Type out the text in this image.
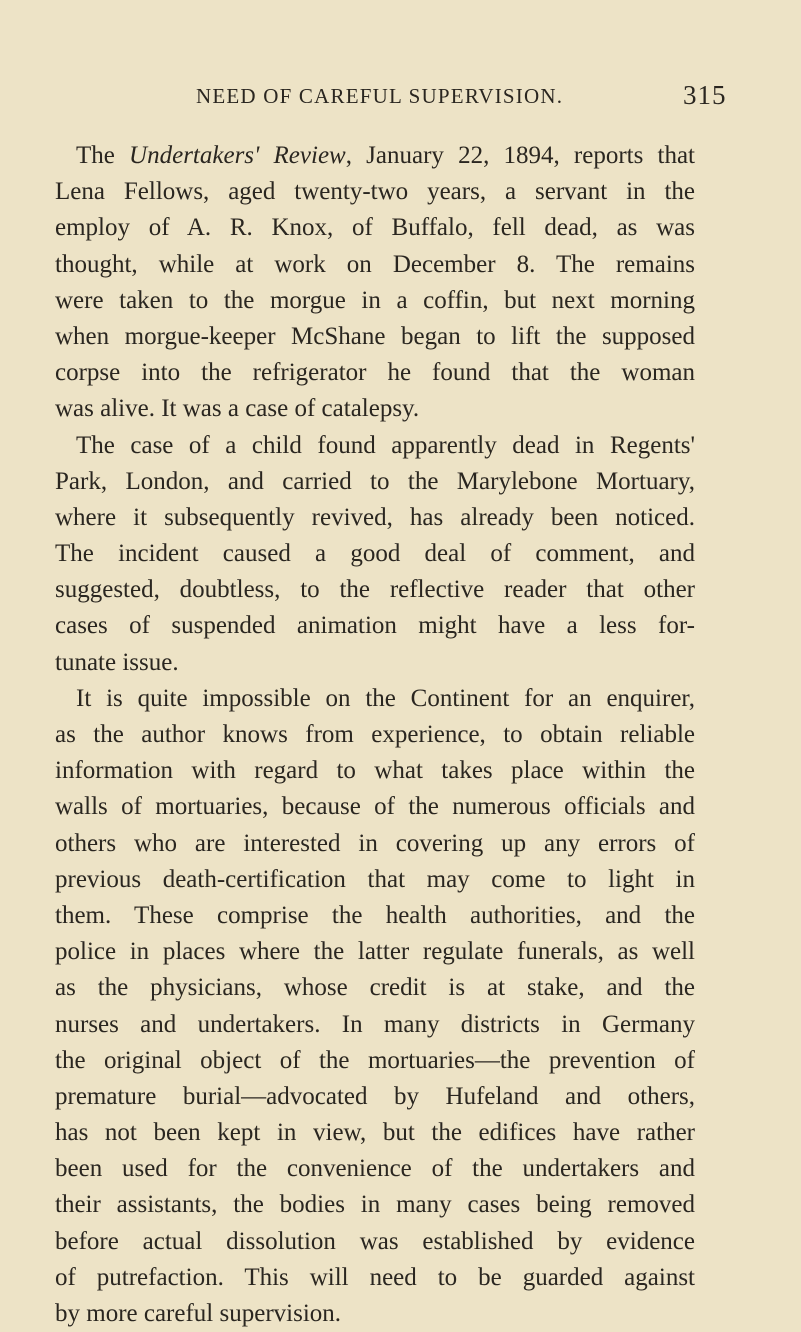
NEED OF CAREFUL SUPERVISION.	315
The Undertakers' Review, January 22, 1894, reports that
Lena Fellows, aged twenty-two years, a servant in the
employ of A. R. Knox, of Buffalo, fell dead, as was
thought, while at work on December 8. The remains
were taken to the morgue in a coffin, but next morning
when morgue-keeper McShane began to lift the supposed
corpse into the refrigerator he found that the woman
was alive. It was a case of catalepsy.
The case of a child found apparently dead in Regents'
Park, London, and carried to the Marylebone Mortuary,
where it subsequently revived, has already been noticed.
The incident caused a good deal of comment, and
suggested, doubtless, to the reflective reader that other
cases of suspended animation might have a less for-
tunate issue.
It is quite impossible on the Continent for an enquirer,
as the author knows from experience, to obtain reliable
information with regard to what takes place within the
walls of mortuaries, because of the numerous officials and
others who are interested in covering up any errors of
previous death-certification that may come to light in
them. These comprise the health authorities, and the
police in places where the latter regulate funerals, as well
as the physicians, whose credit is at stake, and the
nurses and undertakers. In many districts in Germany
the original object of the mortuaries—the prevention of
premature burial—advocated by Hufeland and others,
has not been kept in view, but the edifices have rather
been used for the convenience of the undertakers and
their assistants, the bodies in many cases being removed
before actual dissolution was established by evidence
of putrefaction. This will need to be guarded against
by more careful supervision.
